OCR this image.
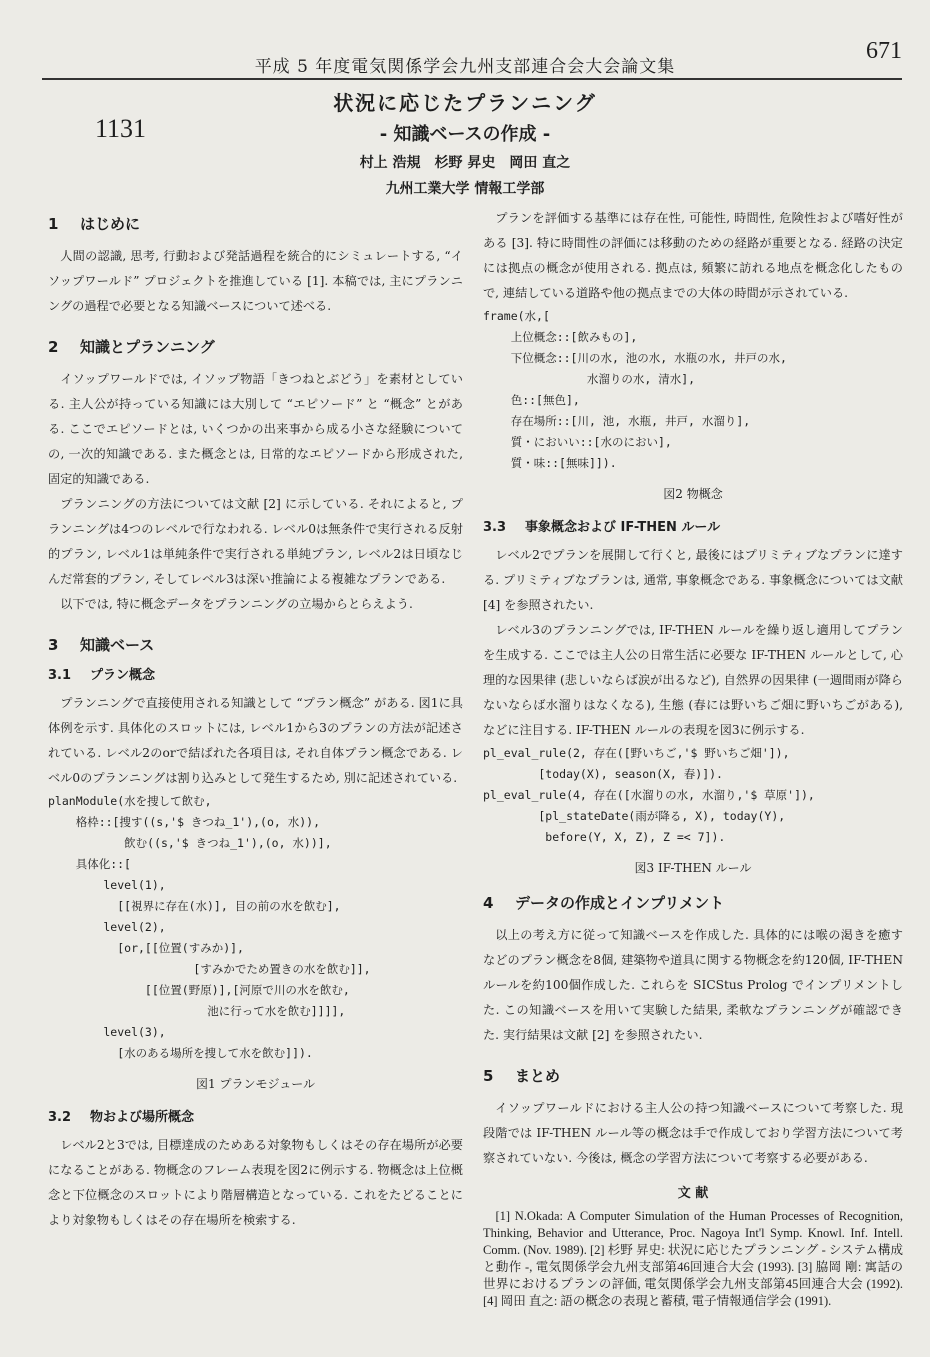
平成 5 年度電気関係学会九州支部連合会大会論文集
671
1131
状況に応じたプランニング
- 知識ベースの作成 -
村上 浩規　杉野 昇史　岡田 直之
九州工業大学 情報工学部
1 はじめに

人間の認識, 思考, 行動および発話過程を統合的にシミュレートする, “イソップワールド” プロジェクトを推進している [1]. 本稿では, 主にプランニングの過程で必要となる知識ベースについて述べる.

2 知識とプランニング

イソップワールドでは, イソップ物語「きつねとぶどう」を素材としている. 主人公が持っている知識には大別して “エピソード” と “概念” とがある. ここでエピソードとは, いくつかの出来事から成る小さな経験についての, 一次的知識である. また概念とは, 日常的なエピソードから形成された, 固定的知識である.

プランニングの方法については文献 [2] に示している. それによると, プランニングは4つのレベルで行なわれる. レベル0は無条件で実行される反射的プラン, レベル1は単純条件で実行される単純プラン, レベル2は日頃なじんだ常套的プラン, そしてレベル3は深い推論による複雑なプランである.

以下では, 特に概念データをプランニングの立場からとらえよう.

3 知識ベース
3.1 プラン概念

プランニングで直接使用される知識として “プラン概念” がある. 図1に具体例を示す. 具体化のスロットには, レベル1から3のプランの方法が記述されている. レベル2のorで結ばれた各項目は, それ自体プラン概念である. レベル0のプランニングは割り込みとして発生するため, 別に記述されている.

planModule(水を捜して飲む,
格枠::[捜す((s,'$ きつね_1'),(o, 水)),
飲む((s,'$ きつね_1'),(o, 水))],
具体化::[
level(1),
[[視界に存在(水)], 目の前の水を飲む],
level(2),
[or,[[位置(すみか)],
[すみかでため置きの水を飲む]],
[[位置(野原)],[河原で川の水を飲む,
池に行って水を飲む]]]],
level(3),
[水のある場所を捜して水を飲む]]).
図1 プランモジュール
3.2 物および場所概念

レベル2と3では, 目標達成のためある対象物もしくはその存在場所が必要になることがある. 物概念のフレーム表現を図2に例示する. 物概念は上位概念と下位概念のスロットにより階層構造となっている. これをたどることにより対象物もしくはその存在場所を検索する.

プランを評価する基準には存在性, 可能性, 時間性, 危険性および嗜好性がある [3]. 特に時間性の評価には移動のための経路が重要となる. 経路の決定には拠点の概念が使用される. 拠点は, 頻繁に訪れる地点を概念化したもので, 連結している道路や他の拠点までの大体の時間が示されている.

frame(水,[
上位概念::[飲みもの],
下位概念::[川の水, 池の水, 水瓶の水, 井戸の水,
水溜りの水, 清水],
色::[無色],
存在場所::[川, 池, 水瓶, 井戸, 水溜り],
質・においい::[水のにおい],
質・味::[無味]]).
図2 物概念
3.3 事象概念および IF-THEN ルール

レベル2でプランを展開して行くと, 最後にはプリミティブなプランに達する. プリミティブなプランは, 通常, 事象概念である. 事象概念については文献 [4] を参照されたい.

レベル3のプランニングでは, IF-THEN ルールを繰り返し適用してプランを生成する. ここでは主人公の日常生活に必要な IF-THEN ルールとして, 心理的な因果律 (悲しいならば涙が出るなど), 自然界の因果律 (一週間雨が降らないならば水溜りはなくなる), 生態 (春には野いちご畑に野いちごがある), などに注目する. IF-THEN ルールの表現を図3に例示する.

pl_eval_rule(2, 存在([野いちご,'$ 野いちご畑']),
[today(X), season(X, 春)]).
pl_eval_rule(4, 存在([水溜りの水, 水溜り,'$ 草原']),
[pl_stateDate(雨が降る, X), today(Y),
before(Y, X, Z), Z =< 7]).
図3 IF-THEN ルール
4 データの作成とインプリメント

以上の考え方に従って知識ベースを作成した. 具体的には喉の渇きを癒すなどのプラン概念を8個, 建築物や道具に関する物概念を約120個, IF-THEN ルールを約100個作成した. これらを SICStus Prolog でインプリメントした. この知識ベースを用いて実験した結果, 柔軟なプランニングが確認できた. 実行結果は文献 [2] を参照されたい.

5 まとめ

イソップワールドにおける主人公の持つ知識ベースについて考察した. 現段階では IF-THEN ルール等の概念は手で作成しており学習方法について考察されていない. 今後は, 概念の学習方法について考察する必要がある.

文 献

[1] N.Okada: A Computer Simulation of the Human Processes of Recognition, Thinking, Behavior and Utterance, Proc. Nagoya Int'l Symp. Knowl. Inf. Intell. Comm. (Nov. 1989). [2] 杉野 昇史: 状況に応じたプランニング - システム構成と動作 -, 電気関係学会九州支部第46回連合大会 (1993). [3] 脇岡 剛: 寓話の世界におけるプランの評価, 電気関係学会九州支部第45回連合大会 (1992). [4] 岡田 直之: 語の概念の表現と蓄積, 電子情報通信学会 (1991).
